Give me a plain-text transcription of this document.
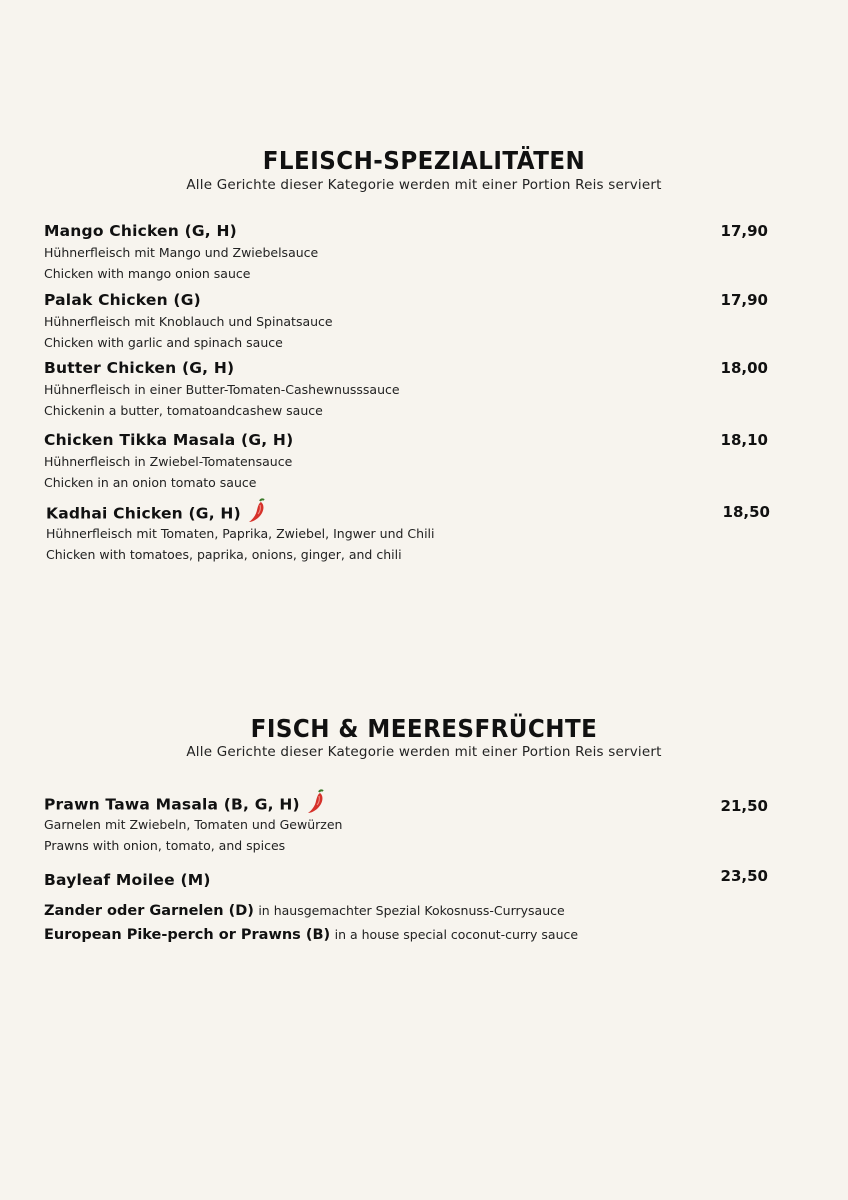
FLEISCH-SPEZIALITÄTEN
Alle Gerichte dieser Kategorie werden mit einer Portion Reis serviert
Mango Chicken (G, H)
Hühnerfleisch mit Mango und Zwiebelsauce
Chicken with mango onion sauce
17,90
Palak Chicken (G)
Hühnerfleisch mit Knoblauch und Spinatsauce
Chicken with garlic and spinach sauce
17,90
Butter Chicken (G, H)
Hühnerfleisch in einer Butter-Tomaten-Cashewnusssauce
Chickenin a butter, tomatoandcashew sauce
18,00
Chicken Tikka Masala (G, H)
Hühnerfleisch in Zwiebel-Tomatensauce
Chicken in an onion tomato sauce
18,10
Kadhai Chicken (G, H)
Hühnerfleisch mit Tomaten, Paprika, Zwiebel, Ingwer und Chili
Chicken with tomatoes, paprika, onions, ginger, and chili
18,50
FISCH & MEERESFRÜCHTE
Alle Gerichte dieser Kategorie werden mit einer Portion Reis serviert
Prawn Tawa Masala (B, G, H)
Garnelen mit Zwiebeln, Tomaten und Gewürzen
Prawns with onion, tomato, and spices
21,50
Bayleaf Moilee (M)	23,50
Zander oder Garnelen (D) in hausgemachter Spezial Kokosnuss-Currysauce
European Pike-perch or Prawns (B) in a house special coconut-curry sauce
